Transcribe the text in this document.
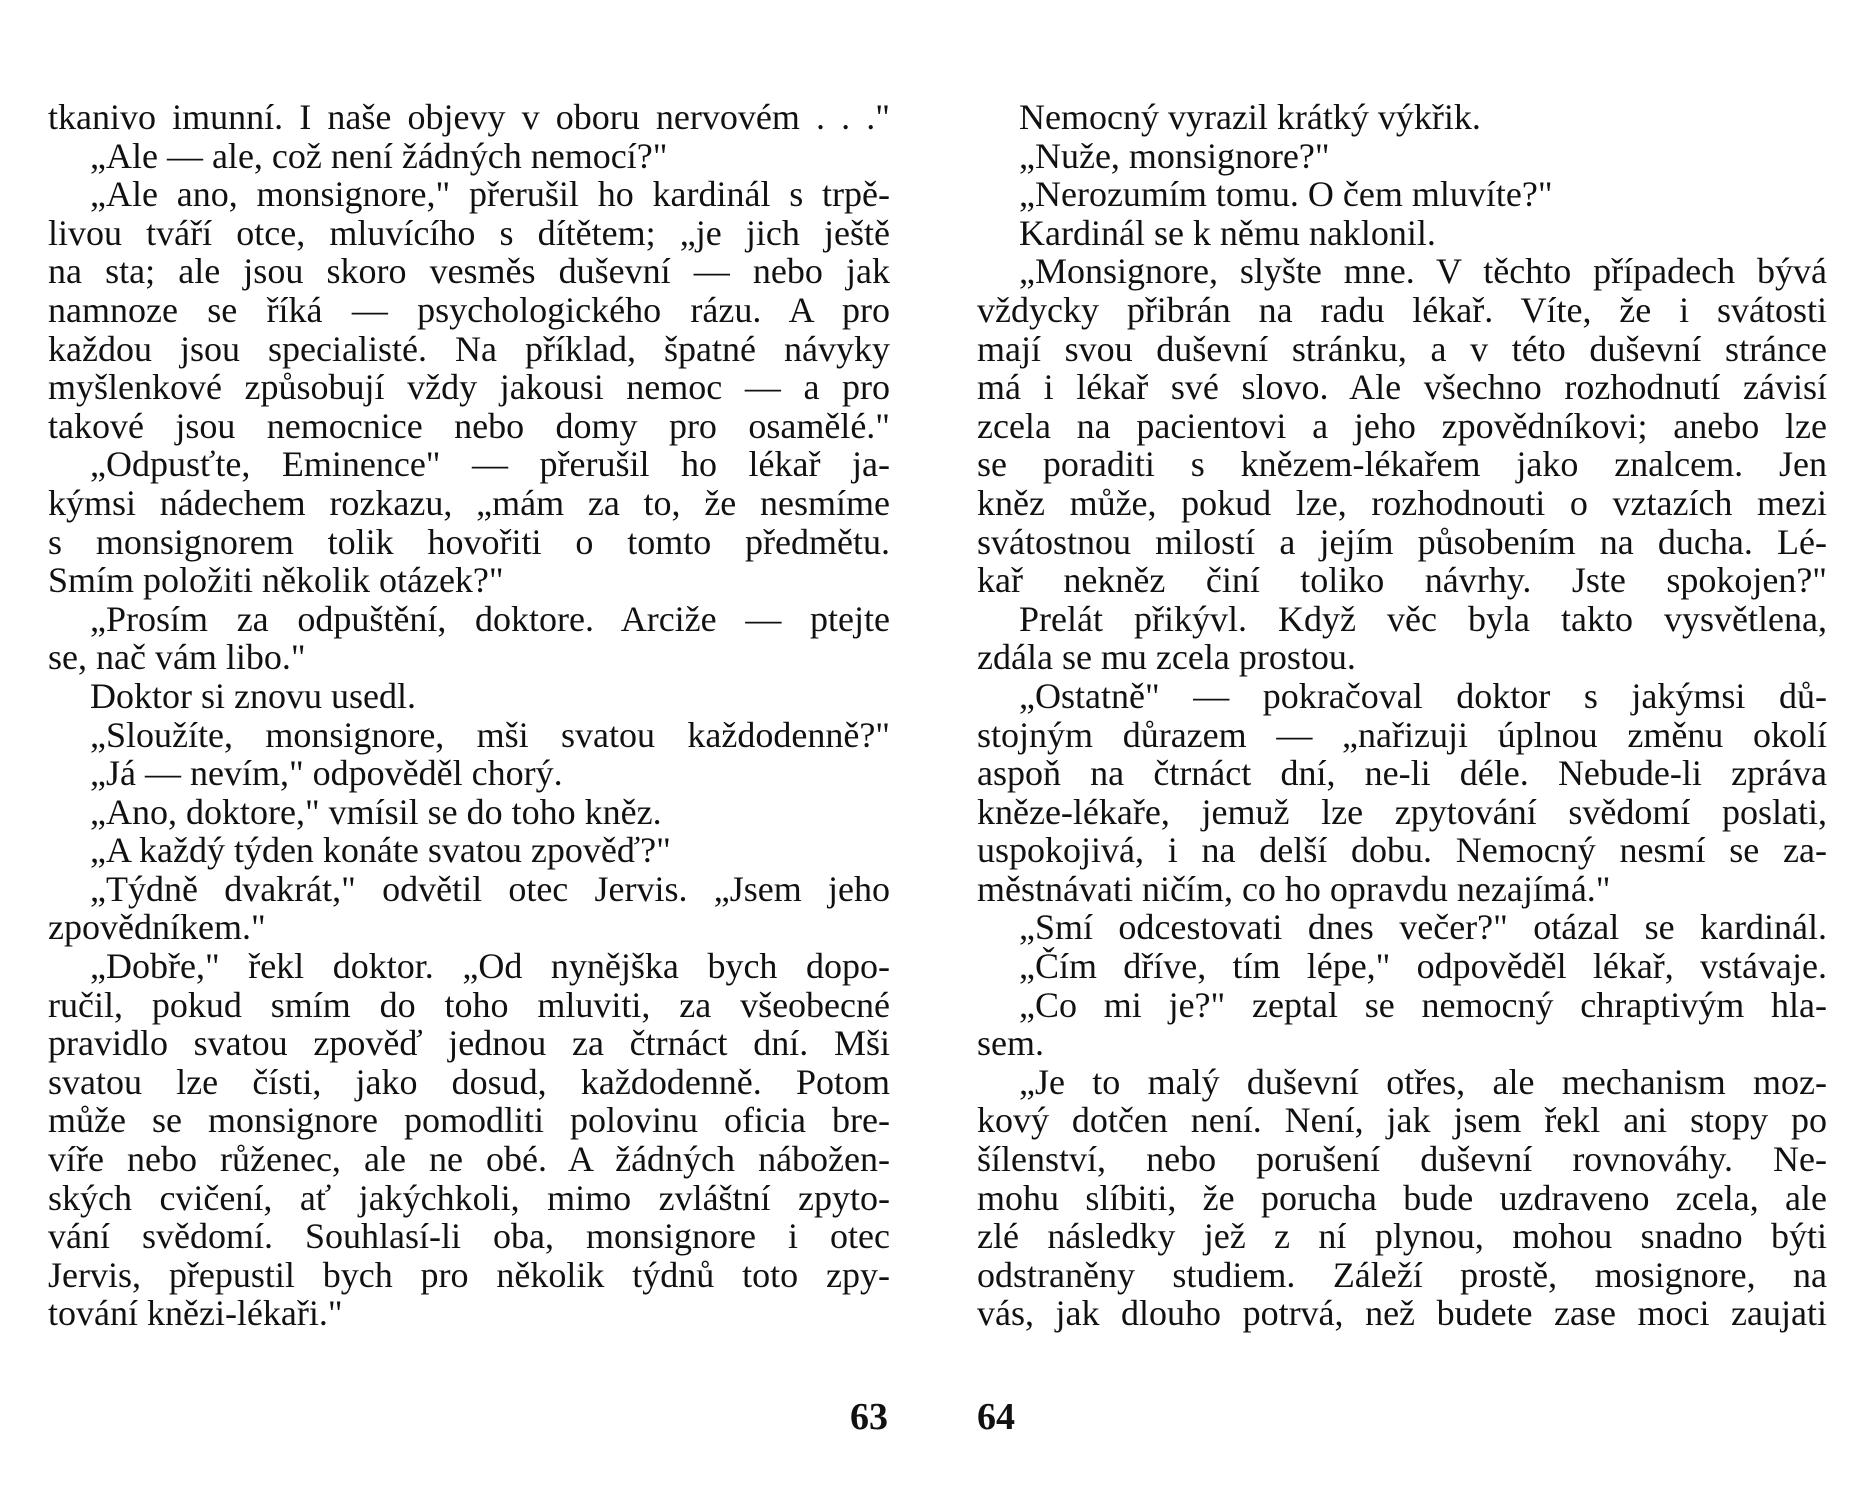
tkanivo imunní. I naše objevy v oboru nervovém . . ."
„Ale — ale, což není žádných nemocí?"
„Ale ano, monsignore," přerušil ho kardinál s trpě-
livou tváří otce, mluvícího s dítětem; „je jich ještě
na sta; ale jsou skoro vesměs duševní — nebo jak
namnoze se říká — psychologického rázu. A pro
každou jsou specialisté. Na příklad, špatné návyky
myšlenkové způsobují vždy jakousi nemoc — a pro
takové jsou nemocnice nebo domy pro osamělé."
„Odpusťte, Eminence" — přerušil ho lékař ja-
kýmsi nádechem rozkazu, „mám za to, že nesmíme
s monsignorem tolik hovořiti o tomto předmětu.
Smím položiti několik otázek?"
„Prosím za odpuštění, doktore. Arciže — ptejte
se, nač vám libo."
Doktor si znovu usedl.
„Sloužíte, monsignore, mši svatou každodenně?"
„Já — nevím," odpověděl chorý.
„Ano, doktore," vmísil se do toho kněz.
„A každý týden konáte svatou zpověď?"
„Týdně dvakrát," odvětil otec Jervis. „Jsem jeho
zpovědníkem."
„Dobře," řekl doktor. „Od nynějška bych dopo-
ručil, pokud smím do toho mluviti, za všeobecné
pravidlo svatou zpověď jednou za čtrnáct dní. Mši
svatou lze čísti, jako dosud, každodenně. Potom
může se monsignore pomodliti polovinu oficia bre-
víře nebo růženec, ale ne obé. A žádných nábožen-
ských cvičení, ať jakýchkoli, mimo zvláštní zpyto-
vání svědomí. Souhlasí-li oba, monsignore i otec
Jervis, přepustil bych pro několik týdnů toto zpy-
tování knězi-lékaři."
Nemocný vyrazil krátký výkřik.
„Nuže, monsignore?"
„Nerozumím tomu. O čem mluvíte?"
Kardinál se k němu naklonil.
„Monsignore, slyšte mne. V těchto případech bývá
vždycky přibrán na radu lékař. Víte, že i svátosti
mají svou duševní stránku, a v této duševní stránce
má i lékař své slovo. Ale všechno rozhodnutí závisí
zcela na pacientovi a jeho zpovědníkovi; anebo lze
se poraditi s knězem-lékařem jako znalcem. Jen
kněz může, pokud lze, rozhodnouti o vztazích mezi
svátostnou milostí a jejím působením na ducha. Lé-
kař nekněz činí toliko návrhy. Jste spokojen?"
Prelát přikývl. Když věc byla takto vysvětlena,
zdála se mu zcela prostou.
„Ostatně" — pokračoval doktor s jakýmsi dů-
stojným důrazem — „nařizuji úplnou změnu okolí
aspoň na čtrnáct dní, ne-li déle. Nebude-li zpráva
kněze-lékaře, jemuž lze zpytování svědomí poslati,
uspokojivá, i na delší dobu. Nemocný nesmí se za-
městnávati ničím, co ho opravdu nezajímá."
„Smí odcestovati dnes večer?" otázal se kardinál.
„Čím dříve, tím lépe," odpověděl lékař, vstávaje.
„Co mi je?" zeptal se nemocný chraptivým hla-
sem.
„Je to malý duševní otřes, ale mechanism moz-
kový dotčen není. Není, jak jsem řekl ani stopy po
šílenství, nebo porušení duševní rovnováhy. Ne-
mohu slíbiti, že porucha bude uzdraveno zcela, ale
zlé následky jež z ní plynou, mohou snadno býti
odstraněny studiem. Záleží prostě, mosignore, na
vás, jak dlouho potrvá, než budete zase moci zaujati
63 64
